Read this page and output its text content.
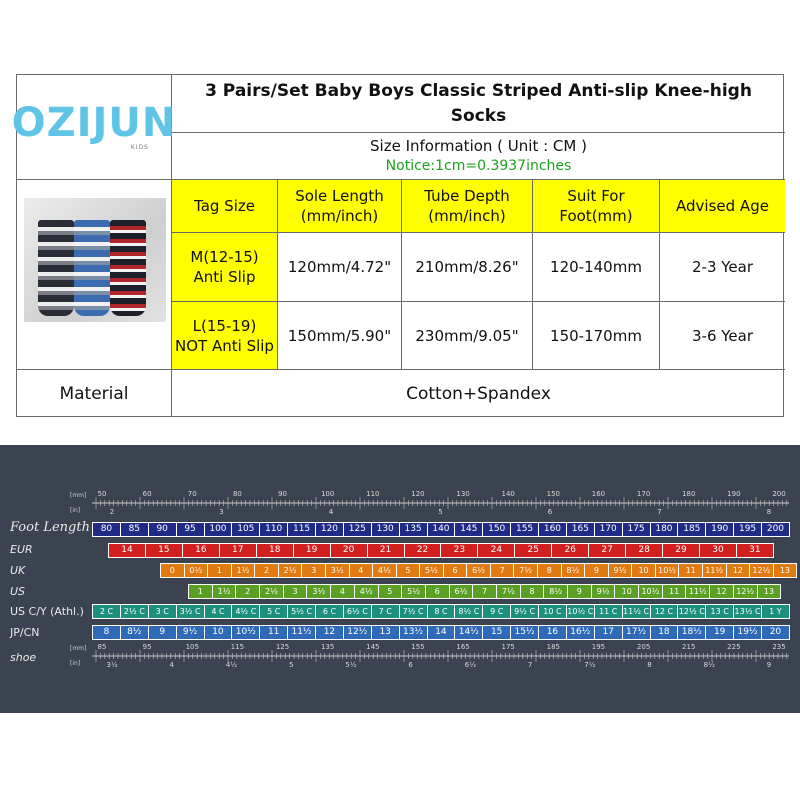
OZIJUN
KIDS
3 Pairs/Set Baby Boys Classic Striped Anti-slip Knee-high Socks
Size Information ( Unit : CM )
Notice:1cm=0.3937inches
Tag Size
Sole Length (mm/inch)
Tube Depth (mm/inch)
Suit For Foot(mm)
Advised Age
M(12-15)
Anti Slip
120mm/4.72"	210mm/8.26"	120-140mm	2-3 Year
L(15-19)
NOT Anti Slip
150mm/5.90"	230mm/9.05"	150-170mm	3-6 Year
Material	Cotton+Spandex
[mm]
[in]
50	60	70	80	90	100	110	120	130	140	150	160	170	180	190	200
2	3	4	5	6	7	8
Foot Length	80	85	90	95	100	105	110	115	120	125	130	135	140	145	150	155	160	165	170	175	180	185	190	195	200
EUR	14	15	16	17	18	19	20	21	22	23	24	25	26	27	28	29	30	31
UK	0	0½	1	1½	2	2½	3	3½	4	4½	5	5½	6	6½	7	7½	8	8½	9	9½	10	10½	11	11½	12	12½	13
US	1	1½	2	2½	3	3½	4	4½	5	5½	6	6½	7	7½	8	8½	9	9½	10	10½	11	11½	12	12½	13
US C/Y (Athl.)	2 C	2½ C	3 C	3½ C	4 C	4½ C	5 C	5½ C	6 C	6½ C	7 C	7½ C	8 C	8½ C	9 C	9½ C	10 C 10½ C 11 C 11½ C 12 C 12½ C 13 C 13½ C	1 Y
JP/CN	8	8½	9	9½	10	10½	11	11½	12	12½	13	13½	14	14½	15	15½	16	16½	17	17½	18	18½	19	19½	20
shoe
[mm]
[in]
85	95	105	115	125	135	145	155	165	175	185	195	205	215	225	235
3½	4	4½	5	5½	6	6½	7	7½	8	8½	9
